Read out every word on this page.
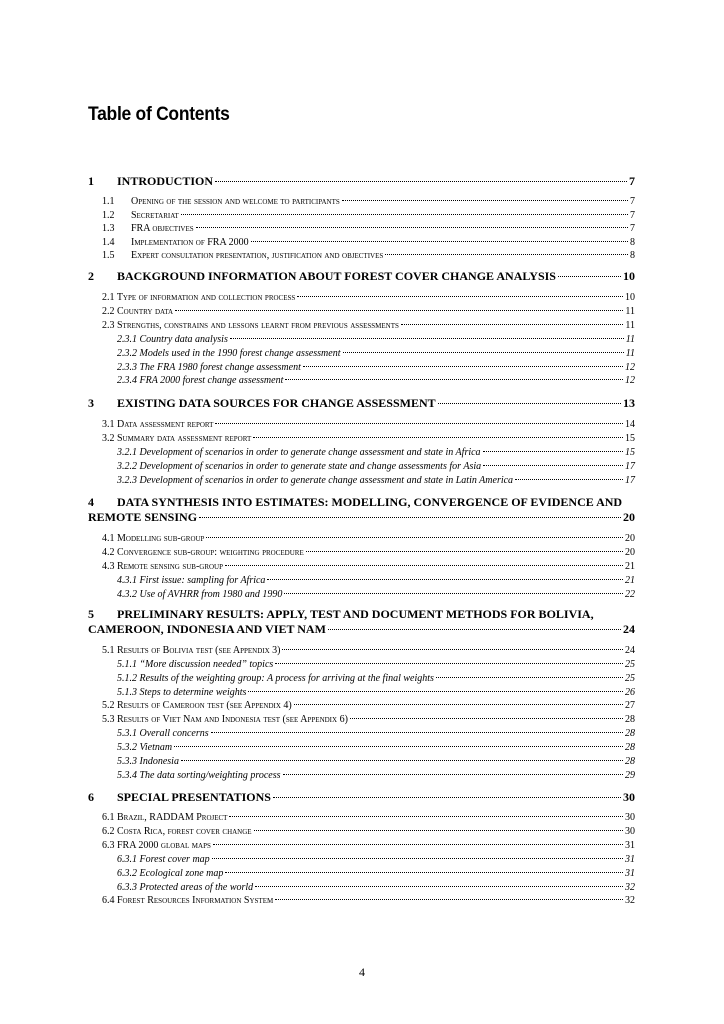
Table of Contents
1	INTRODUCTION	7
1.1	Opening of the session and welcome to participants	7
1.2	Secretariat	7
1.3	FRA objectives	7
1.4	Implementation of FRA 2000	8
1.5	Expert consultation presentation, justification and objectives	8
2	BACKGROUND INFORMATION ABOUT FOREST COVER CHANGE ANALYSIS	10
2.1 Type of information and collection process	10
2.2 Country data	11
2.3 Strengths, constrains and lessons learnt from previous assessments	11
2.3.1 Country data analysis	11
2.3.2 Models used in the 1990 forest change assessment	11
2.3.3 The FRA 1980 forest change assessment	12
2.3.4 FRA 2000 forest change assessment	12
3	EXISTING DATA SOURCES FOR CHANGE ASSESSMENT	13
3.1 Data assessment report	14
3.2 Summary data assessment report	15
3.2.1 Development of scenarios in order to generate change assessment and state in Africa	15
3.2.2 Development of scenarios in order to generate state and change assessments for Asia	17
3.2.3 Development of scenarios in order to generate change assessment and state in Latin America	17
4 DATA SYNTHESIS INTO ESTIMATES: MODELLING, CONVERGENCE OF EVIDENCE AND
REMOTE SENSING	20
4.1 Modelling sub-group	20
4.2 Convergence sub-group: weighting procedure	20
4.3 Remote sensing sub-group	21
4.3.1 First issue: sampling for Africa	21
4.3.2 Use of AVHRR from 1980 and 1990	22
5 PRELIMINARY RESULTS: APPLY, TEST AND DOCUMENT METHODS FOR BOLIVIA,
CAMEROON, INDONESIA AND VIET NAM	24
5.1 Results of Bolivia test (see Appendix 3)	24
5.1.1 “More discussion needed” topics	25
5.1.2 Results of the weighting group: A process for arriving at the final weights	25
5.1.3 Steps to determine weights	26
5.2 Results of Cameroon test (see Appendix 4)	27
5.3 Results of Viet Nam and Indonesia test (see Appendix 6)	28
5.3.1 Overall concerns	28
5.3.2 Vietnam	28
5.3.3 Indonesia	28
5.3.4 The data sorting/weighting process	29
6	SPECIAL PRESENTATIONS	30
6.1 Brazil, RADDAM Project	30
6.2 Costa Rica, forest cover change	30
6.3 FRA 2000 global maps	31
6.3.1 Forest cover map	31
6.3.2 Ecological zone map	31
6.3.3 Protected areas of the world	32
6.4 Forest Resources Information System	32
4
